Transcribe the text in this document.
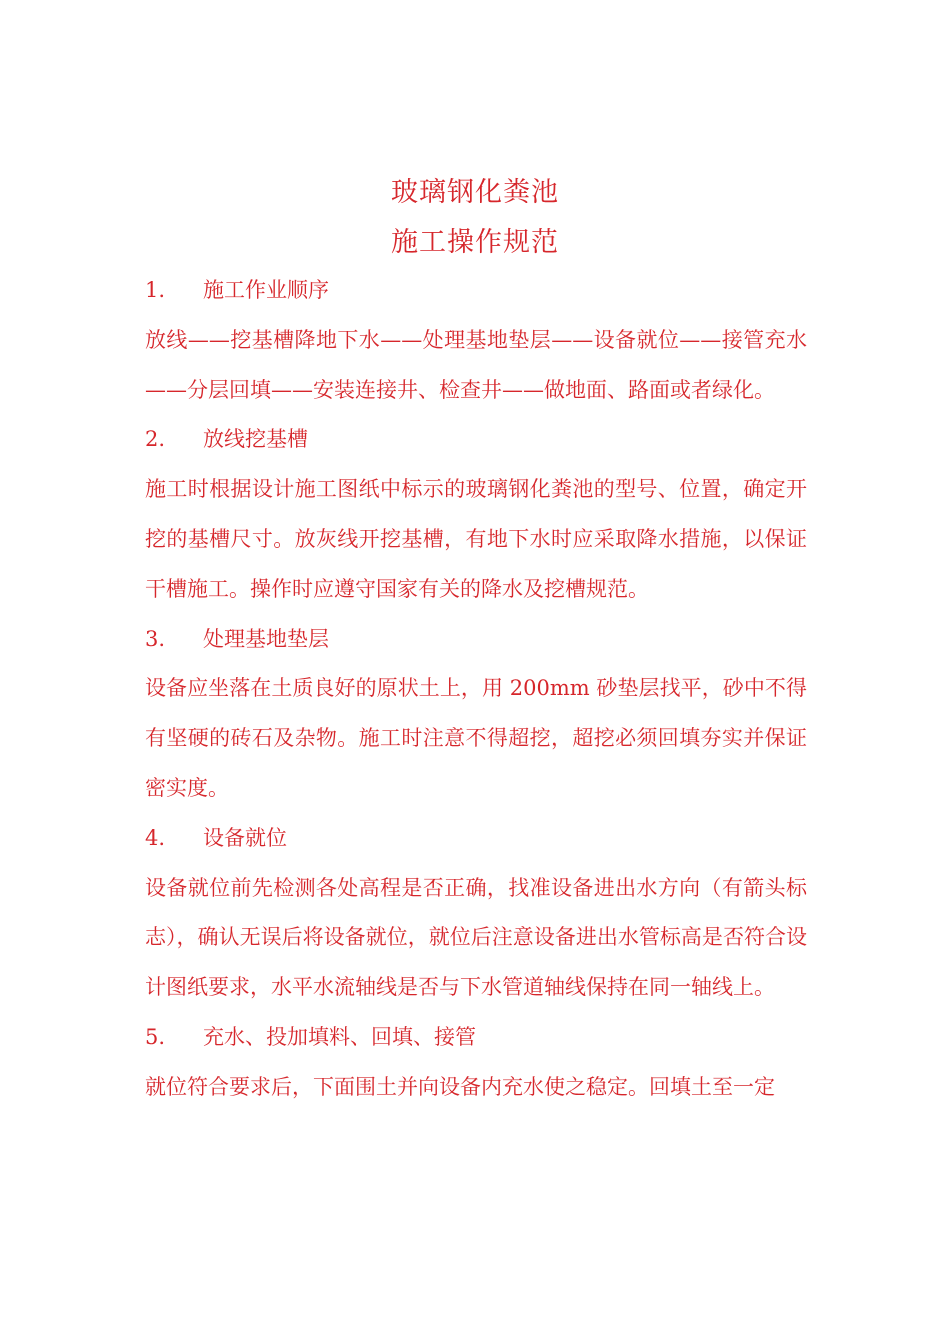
玻璃钢化粪池
施工操作规范
1. 施工作业顺序
放线——挖基槽降地下水——处理基地垫层——设备就位——接管充水——分层回填——安装连接井、检查井——做地面、路面或者绿化。
2. 放线挖基槽
施工时根据设计施工图纸中标示的玻璃钢化粪池的型号、位置，确定开挖的基槽尺寸。放灰线开挖基槽，有地下水时应采取降水措施，以保证干槽施工。操作时应遵守国家有关的降水及挖槽规范。
3. 处理基地垫层
设备应坐落在土质良好的原状土上，用 200mm 砂垫层找平，砂中不得有坚硬的砖石及杂物。施工时注意不得超挖，超挖必须回填夯实并保证密实度。
4. 设备就位
设备就位前先检测各处高程是否正确，找准设备进出水方向（有箭头标志），确认无误后将设备就位，就位后注意设备进出水管标高是否符合设计图纸要求，水平水流轴线是否与下水管道轴线保持在同一轴线上。
5. 充水、投加填料、回填、接管
就位符合要求后，下面围土并向设备内充水使之稳定。回填土至一定
